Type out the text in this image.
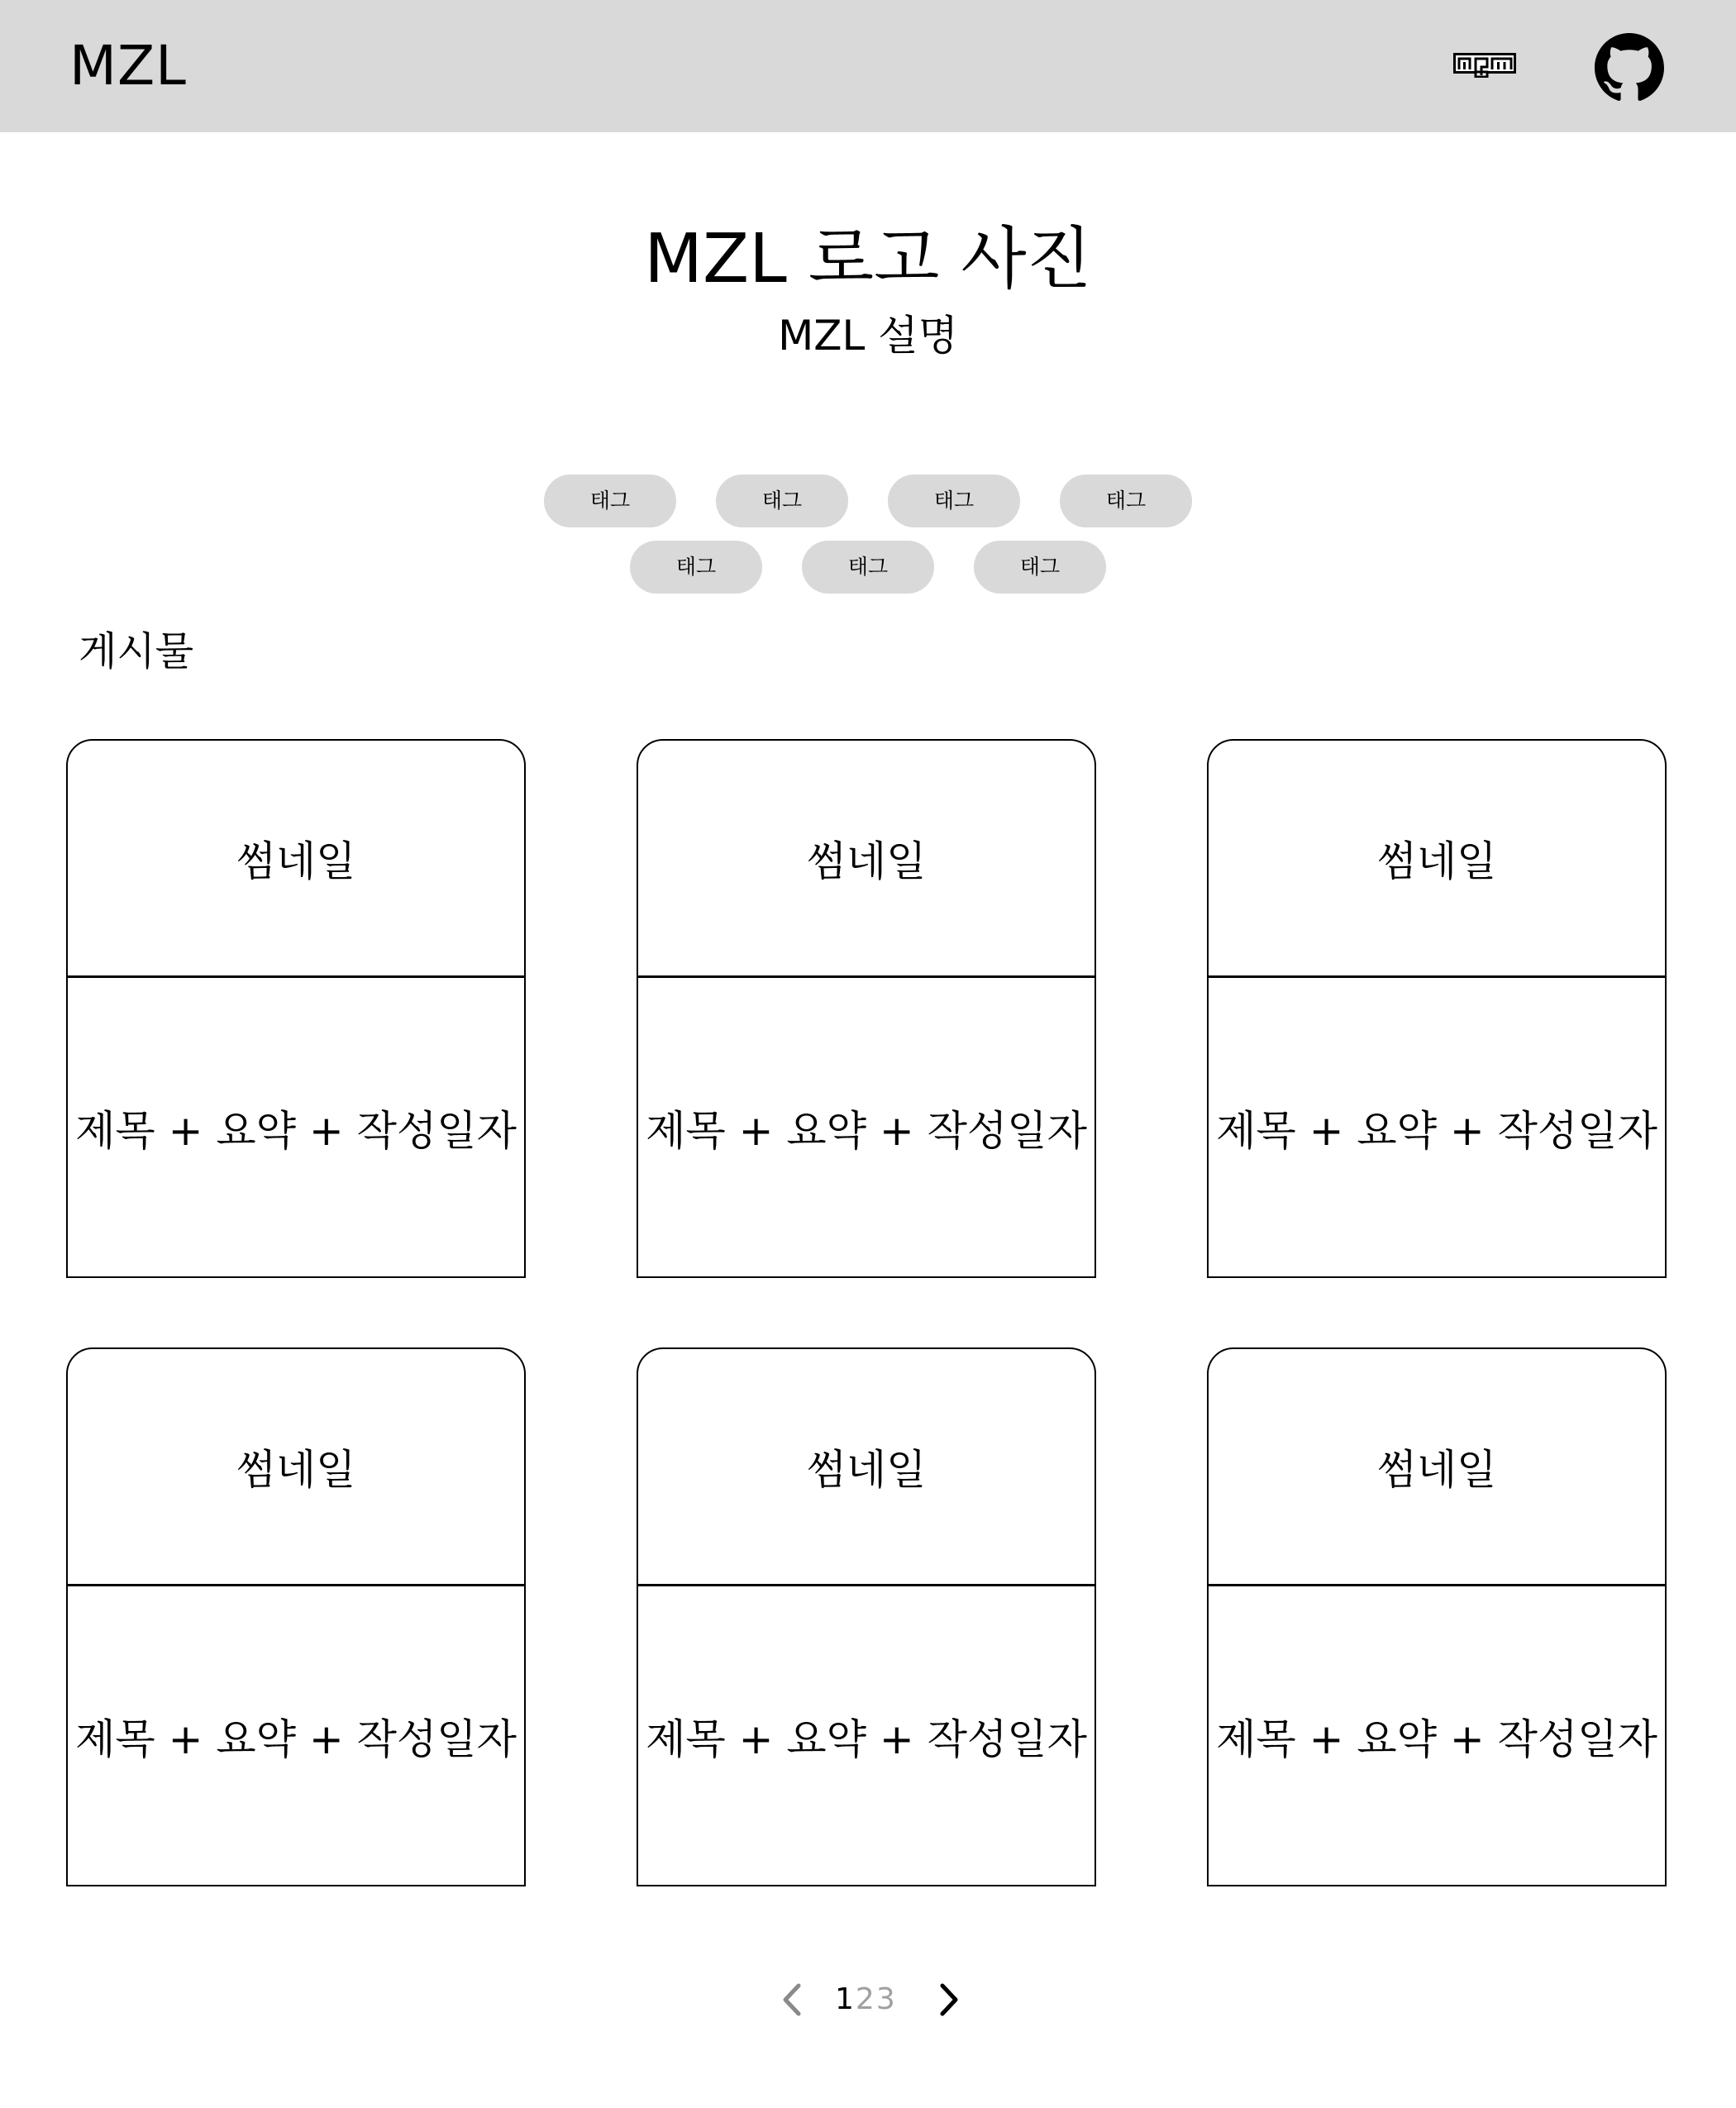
MZL
MZL 로고 사진
MZL 설명
태그	태그	태그	태그
태그	태그	태그
게시물
썸네일
제목 + 요약 + 작성일자
썸네일
제목 + 요약 + 작성일자
썸네일
제목 + 요약 + 작성일자
썸네일
제목 + 요약 + 작성일자
썸네일
제목 + 요약 + 작성일자
썸네일
제목 + 요약 + 작성일자
123
